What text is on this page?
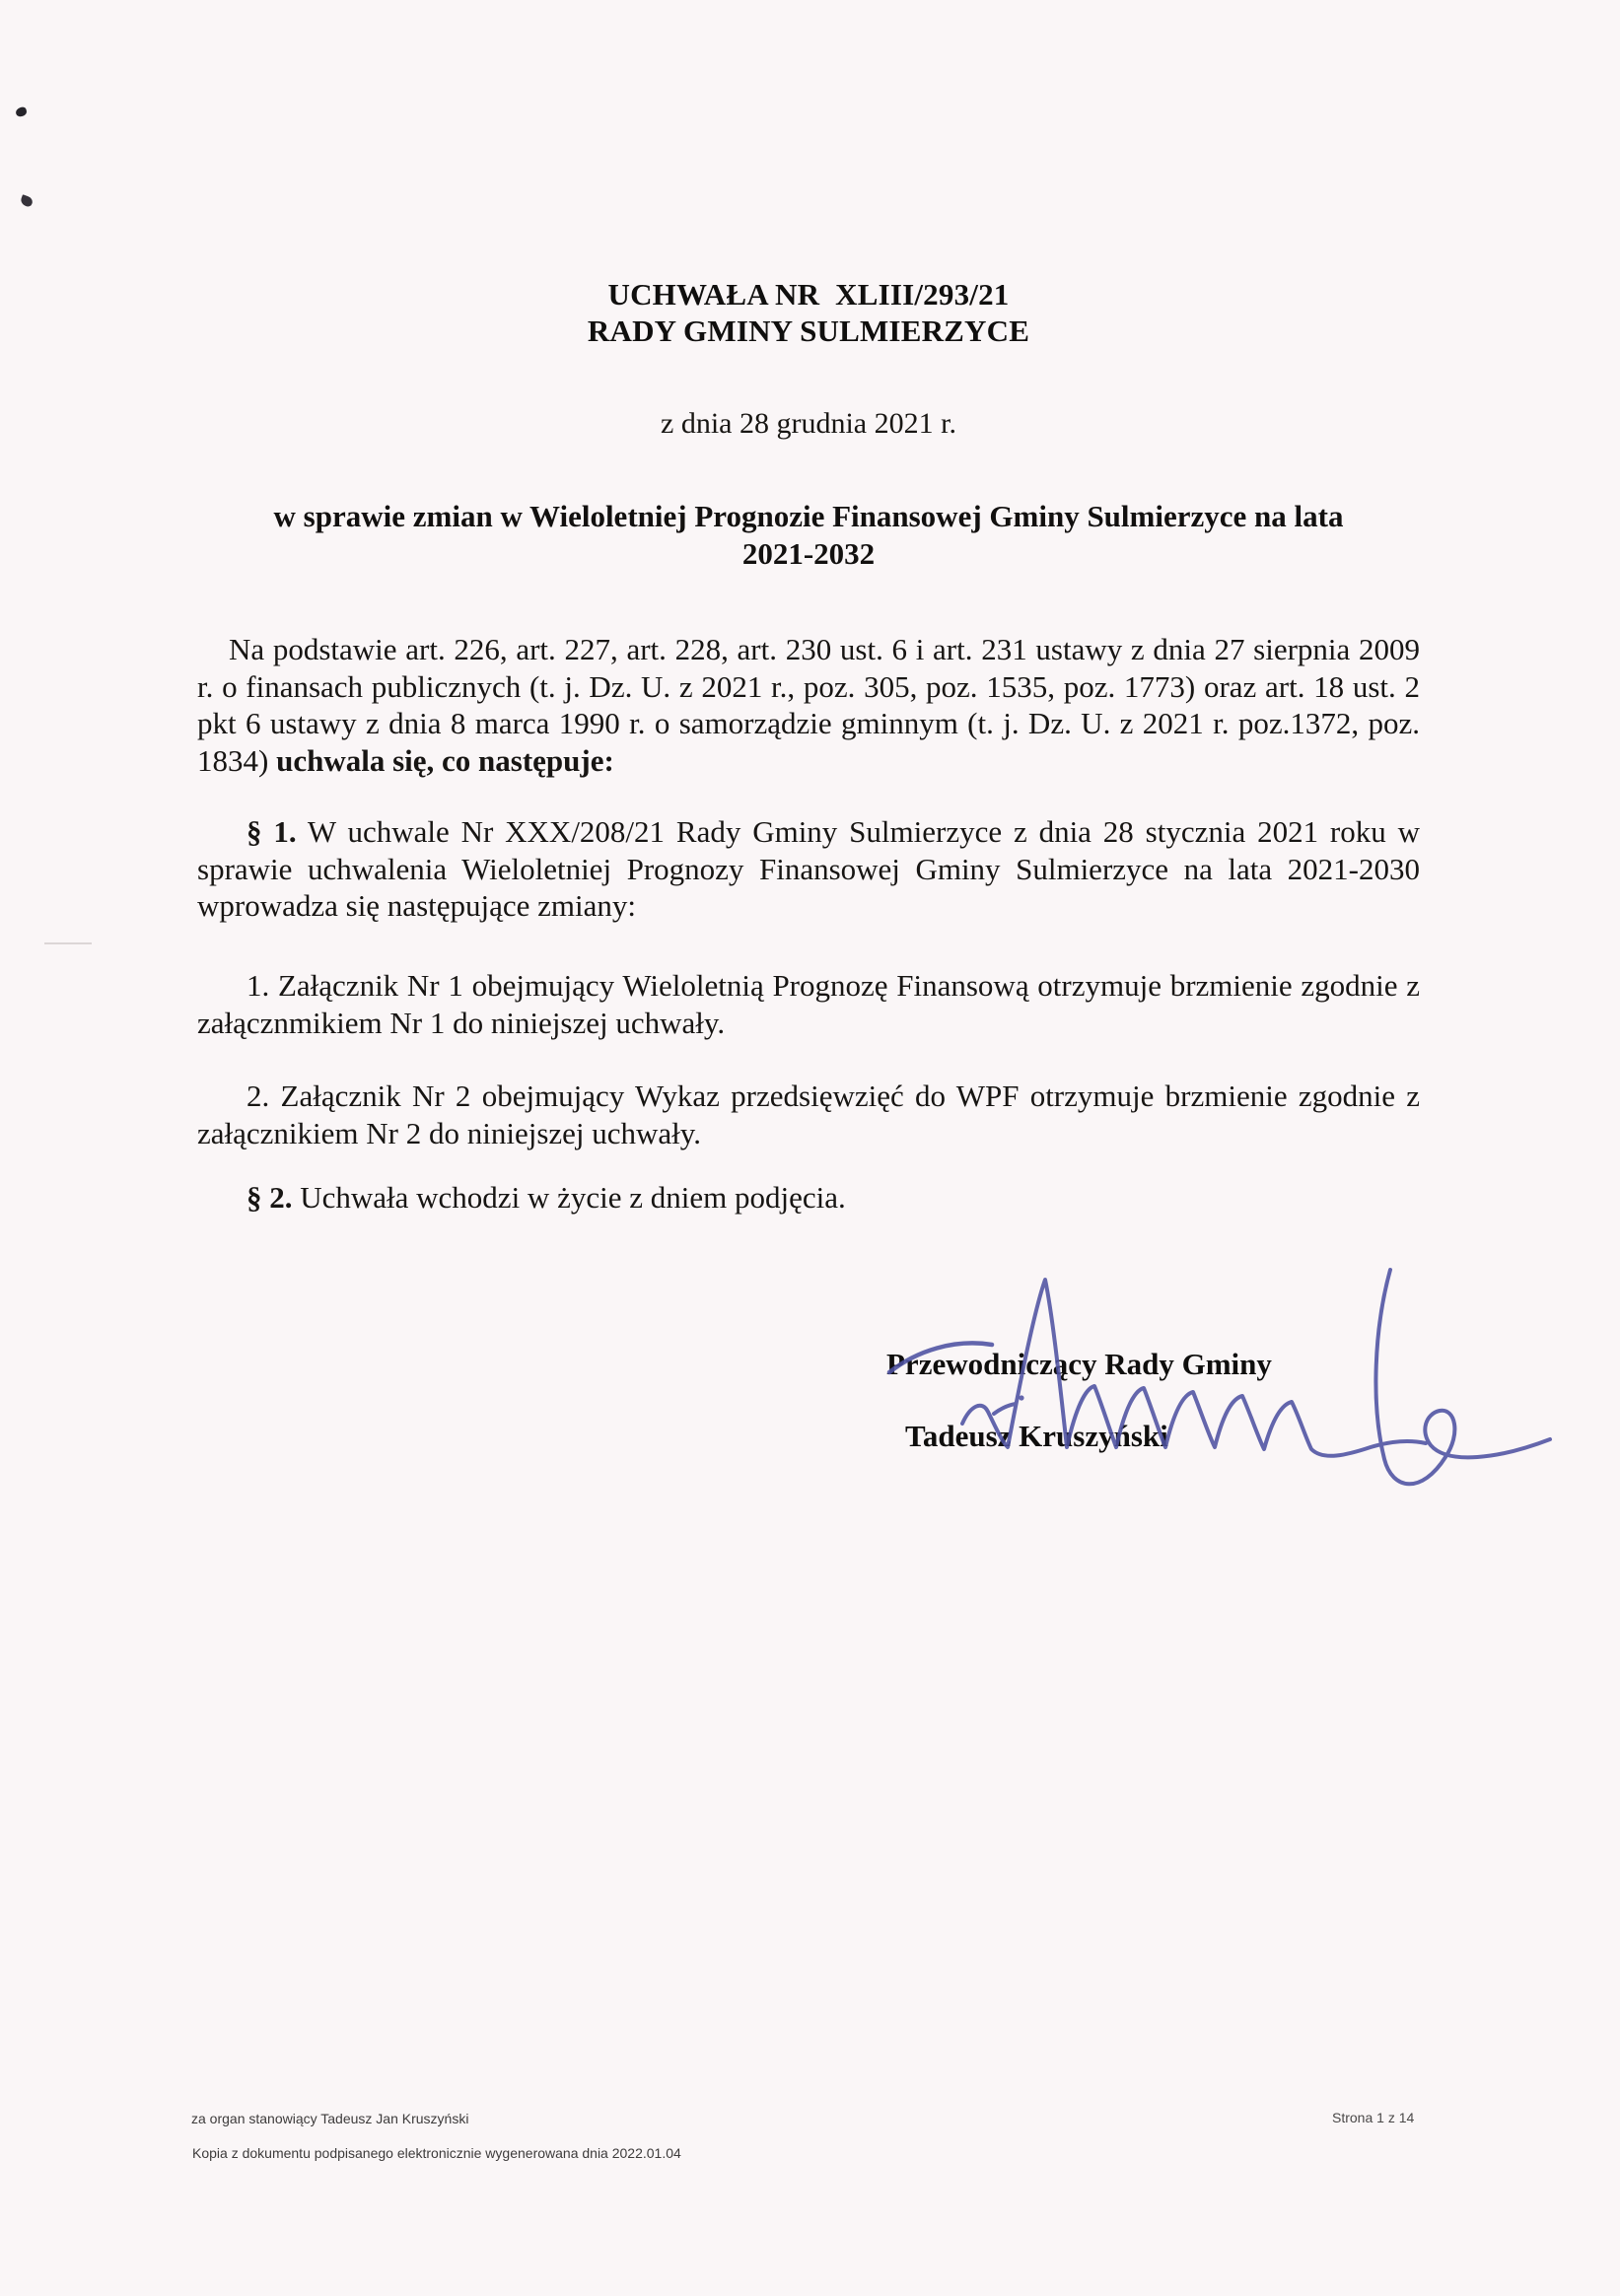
UCHWAŁA NR  XLIII/293/21
RADY GMINY SULMIERZYCE
z dnia 28 grudnia 2021 r.
w sprawie zmian w Wieloletniej Prognozie Finansowej Gminy Sulmierzyce na lata
2021-2032

Na podstawie art. 226, art. 227, art. 228, art. 230 ust. 6 i art. 231 ustawy z dnia 27 sierpnia 2009 r. o finansach publicznych (t. j. Dz. U. z 2021 r., poz. 305, poz. 1535, poz. 1773) oraz art. 18 ust. 2 pkt 6 ustawy z dnia 8 marca 1990 r. o samorządzie gminnym (t. j. Dz. U. z 2021 r. poz.1372, poz. 1834) uchwala się, co następuje:

§ 1. W uchwale Nr XXX/208/21 Rady Gminy Sulmierzyce z dnia 28 stycznia 2021 roku w sprawie uchwalenia Wieloletniej Prognozy Finansowej Gminy Sulmierzyce na lata 2021-2030 wprowadza się następujące zmiany:

1. Załącznik Nr 1 obejmujący Wieloletnią Prognozę Finansową otrzymuje brzmienie zgodnie z załącznmikiem Nr 1 do niniejszej uchwały.

2. Załącznik Nr 2 obejmujący Wykaz przedsięwzięć do WPF otrzymuje brzmienie zgodnie z załącznikiem Nr 2 do niniejszej uchwały.

§ 2. Uchwała wchodzi w życie z dniem podjęcia.

Przewodniczący Rady Gminy
Tadeusz Kruszyński
za organ stanowiący Tadeusz Jan Kruszyński
Kopia z dokumentu podpisanego elektronicznie wygenerowana dnia 2022.01.04
Strona 1 z 14
